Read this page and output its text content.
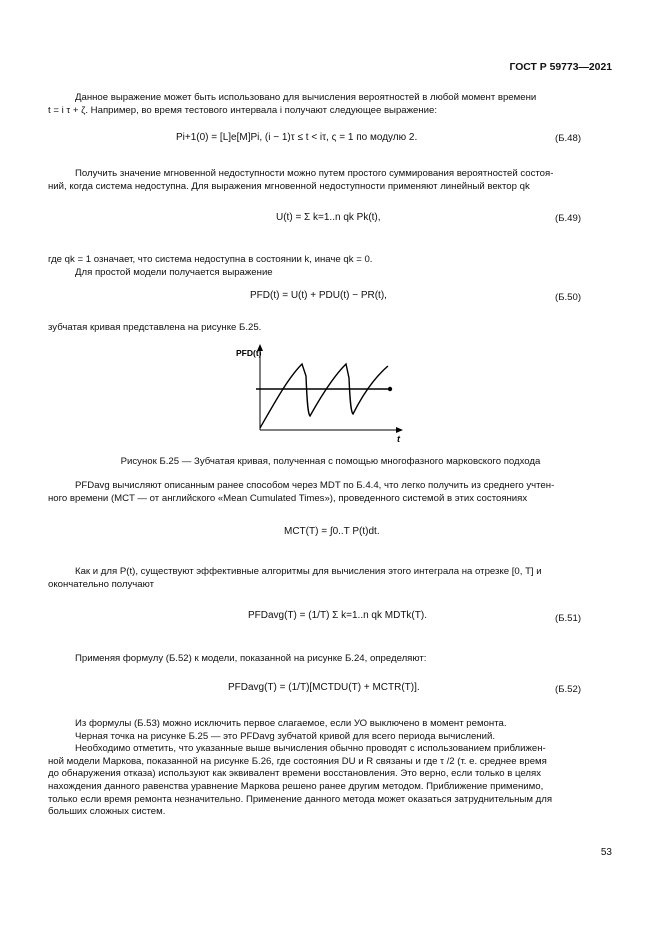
ГОСТ Р 59773—2021
Данное выражение может быть использовано для вычисления вероятностей в любой момент времени
t = i τ + ζ. Например, во время тестового интервала i получают следующее выражение:
Pi+1(0) = [L]e[M]Pi, (i − 1)τ ≤ t < iτ, ς = 1 по модулю 2.	(Б.48)
Получить значение мгновенной недоступности можно путем простого суммирования вероятностей состоя-
ний, когда система недоступна. Для выражения мгновенной недоступности применяют линейный вектор qk
U(t) = Σ k=1..n qk Pk(t),	(Б.49)
где qk = 1 означает, что система недоступна в состоянии k, иначе qk = 0.
Для простой модели получается выражение
PFD(t) = U(t) + PDU(t) − PR(t),	(Б.50)
зубчатая кривая представлена на рисунке Б.25.
PFD(t)
t
Рисунок Б.25 — Зубчатая кривая, полученная с помощью многофазного марковского подхода
PFDavg вычисляют описанным ранее способом через MDT по Б.4.4, что легко получить из среднего учтен-
ного времени (MCT — от английского «Mean Cumulated Times»), проведенного системой в этих состояниях
MCT(T) = ∫0..T P(t)dt.
Как и для P(t), существуют эффективные алгоритмы для вычисления этого интеграла на отрезке [0, T] и
окончательно получают
PFDavg(T) = (1/T) Σ k=1..n qk MDTk(T).	(Б.51)
Применяя формулу (Б.52) к модели, показанной на рисунке Б.24, определяют:
PFDavg(T) = (1/T)[MCTDU(T) + MCTR(T)].	(Б.52)
Из формулы (Б.53) можно исключить первое слагаемое, если УО выключено в момент ремонта.
Черная точка на рисунке Б.25 — это PFDavg зубчатой кривой для всего периода вычислений.
Необходимо отметить, что указанные выше вычисления обычно проводят с использованием приближен-
ной модели Маркова, показанной на рисунке Б.26, где состояния DU и R связаны и где τ /2 (т. е. среднее время
до обнаружения отказа) используют как эквивалент времени восстановления. Это верно, если только в целях
нахождения данного равенства уравнение Маркова решено ранее другим методом. Приближение применимо,
только если время ремонта незначительно. Применение данного метода может оказаться затруднительным для
больших сложных систем.
53
